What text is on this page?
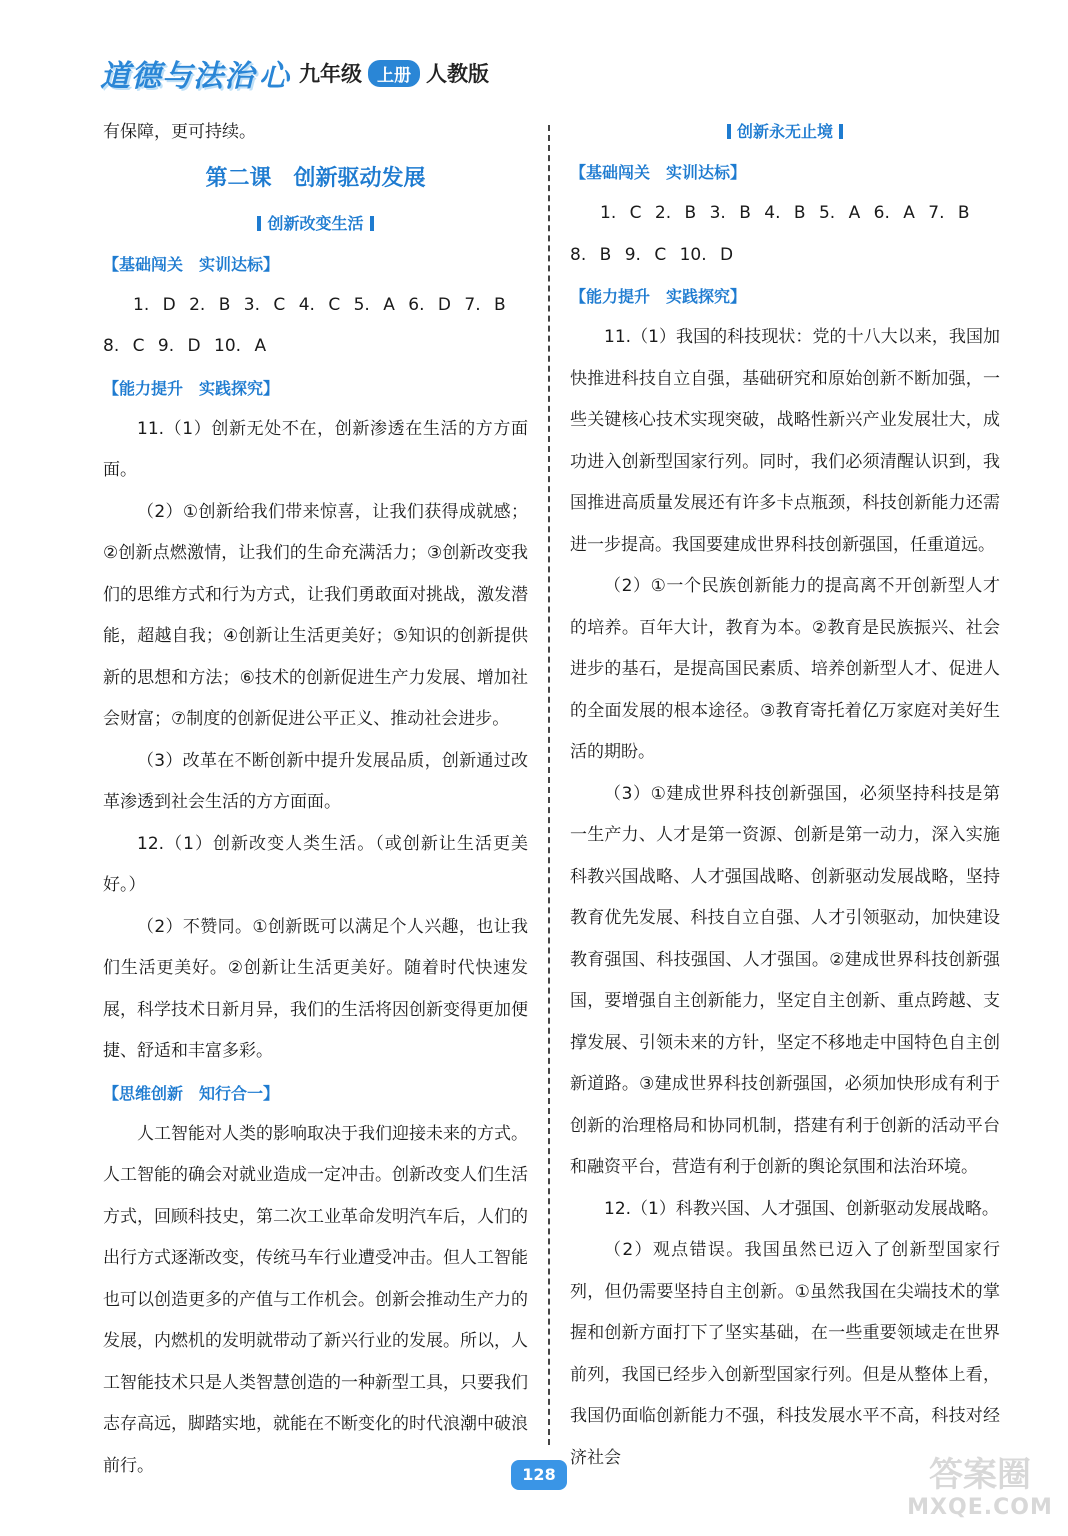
道德与法治 心 九年级 上册 人教版

有保障，更可持续。

第二课　创新驱动发展
创新改变生活
【基础闯关　实训达标】
1. D 2. B 3. C 4. C 5. A 6. D 7. B
8. C 9. D 10. A
【能力提升　实践探究】

11.（1）创新无处不在，创新渗透在生活的方方面面。

（2）①创新给我们带来惊喜，让我们获得成就感；②创新点燃激情，让我们的生命充满活力；③创新改变我们的思维方式和行为方式，让我们勇敢面对挑战，激发潜能，超越自我；④创新让生活更美好；⑤知识的创新提供新的思想和方法；⑥技术的创新促进生产力发展、增加社会财富；⑦制度的创新促进公平正义、推动社会进步。

（3）改革在不断创新中提升发展品质，创新通过改革渗透到社会生活的方方面面。

12.（1）创新改变人类生活。（或创新让生活更美好。）

（2）不赞同。①创新既可以满足个人兴趣，也让我们生活更美好。②创新让生活更美好。随着时代快速发展，科学技术日新月异，我们的生活将因创新变得更加便捷、舒适和丰富多彩。

【思维创新　知行合一】

人工智能对人类的影响取决于我们迎接未来的方式。人工智能的确会对就业造成一定冲击。创新改变人们生活方式，回顾科技史，第二次工业革命发明汽车后，人们的出行方式逐渐改变，传统马车行业遭受冲击。但人工智能也可以创造更多的产值与工作机会。创新会推动生产力的发展，内燃机的发明就带动了新兴行业的发展。所以，人工智能技术只是人类智慧创造的一种新型工具，只要我们志存高远，脚踏实地，就能在不断变化的时代浪潮中破浪前行。

创新永无止境
【基础闯关　实训达标】
1. C 2. B 3. B 4. B 5. A 6. A 7. B
8. B 9. C 10. D
【能力提升　实践探究】

11.（1）我国的科技现状：党的十八大以来，我国加快推进科技自立自强，基础研究和原始创新不断加强，一些关键核心技术实现突破，战略性新兴产业发展壮大，成功进入创新型国家行列。同时，我们必须清醒认识到，我国推进高质量发展还有许多卡点瓶颈，科技创新能力还需进一步提高。我国要建成世界科技创新强国，任重道远。

（2）①一个民族创新能力的提高离不开创新型人才的培养。百年大计，教育为本。②教育是民族振兴、社会进步的基石，是提高国民素质、培养创新型人才、促进人的全面发展的根本途径。③教育寄托着亿万家庭对美好生活的期盼。

（3）①建成世界科技创新强国，必须坚持科技是第一生产力、人才是第一资源、创新是第一动力，深入实施科教兴国战略、人才强国战略、创新驱动发展战略，坚持教育优先发展、科技自立自强、人才引领驱动，加快建设教育强国、科技强国、人才强国。②建成世界科技创新强国，要增强自主创新能力，坚定自主创新、重点跨越、支撑发展、引领未来的方针，坚定不移地走中国特色自主创新道路。③建成世界科技创新强国，必须加快形成有利于创新的治理格局和协同机制，搭建有利于创新的活动平台和融资平台，营造有利于创新的舆论氛围和法治环境。

12.（1）科教兴国、人才强国、创新驱动发展战略。

（2）观点错误。我国虽然已迈入了创新型国家行列，但仍需要坚持自主创新。①虽然我国在尖端技术的掌握和创新方面打下了坚实基础，在一些重要领域走在世界前列，我国已经步入创新型国家行列。但是从整体上看，我国仍面临创新能力不强，科技发展水平不高，科技对经济社会

128	答案圈
MXQE.COM
